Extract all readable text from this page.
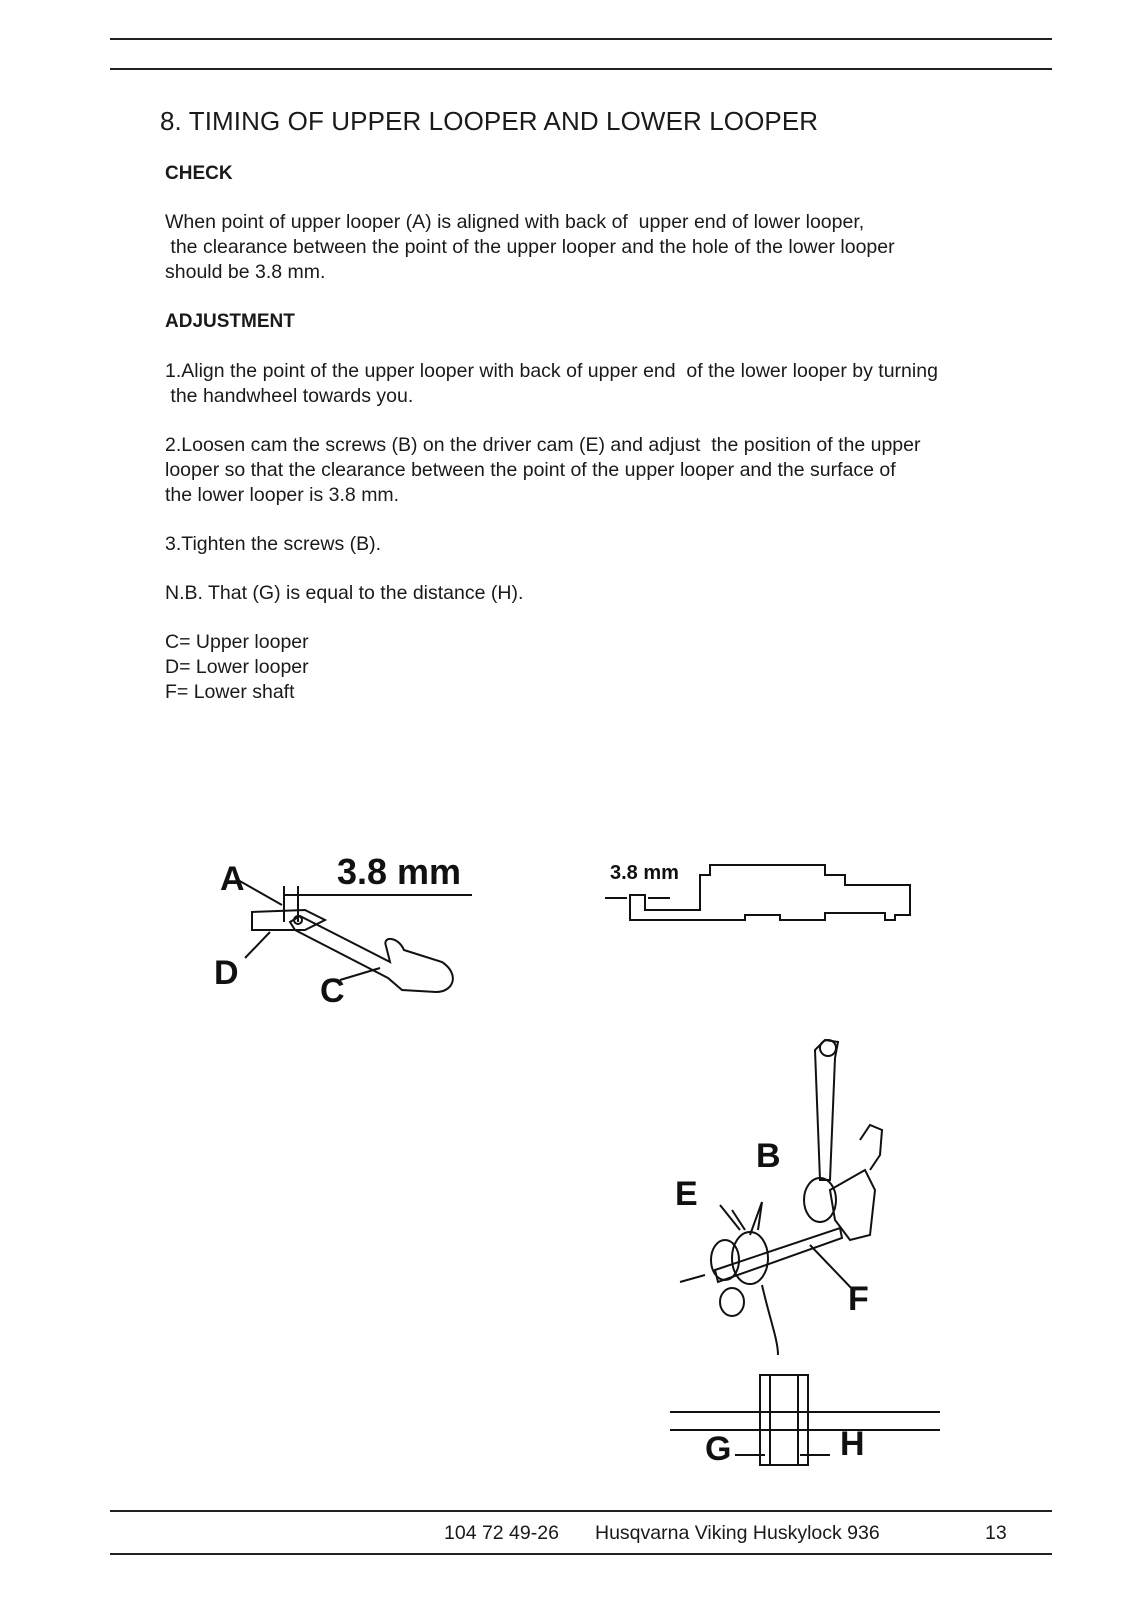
8. TIMING OF UPPER LOOPER AND LOWER LOOPER
CHECK
When point of upper looper (A) is aligned with back of  upper end of lower looper,
the clearance between the point of the upper looper and the hole of the lower looper
should be 3.8 mm.
ADJUSTMENT
1.Align the point of the upper looper with back of upper end  of the lower looper by turning
the handwheel towards you.
2.Loosen cam the screws (B) on the driver cam (E) and adjust  the position of the upper
looper so that the clearance between the point of the upper looper and the surface of
the lower looper is 3.8 mm.
3.Tighten the screws (B).
N.B. That (G) is equal to the distance (H).
C= Upper looper
D= Lower looper
F= Lower shaft
A	3.8 mm
D C
3.8 mm
B
E
F
G	H
104 72 49-26 Husqvarna Viking Huskylock 936	13
